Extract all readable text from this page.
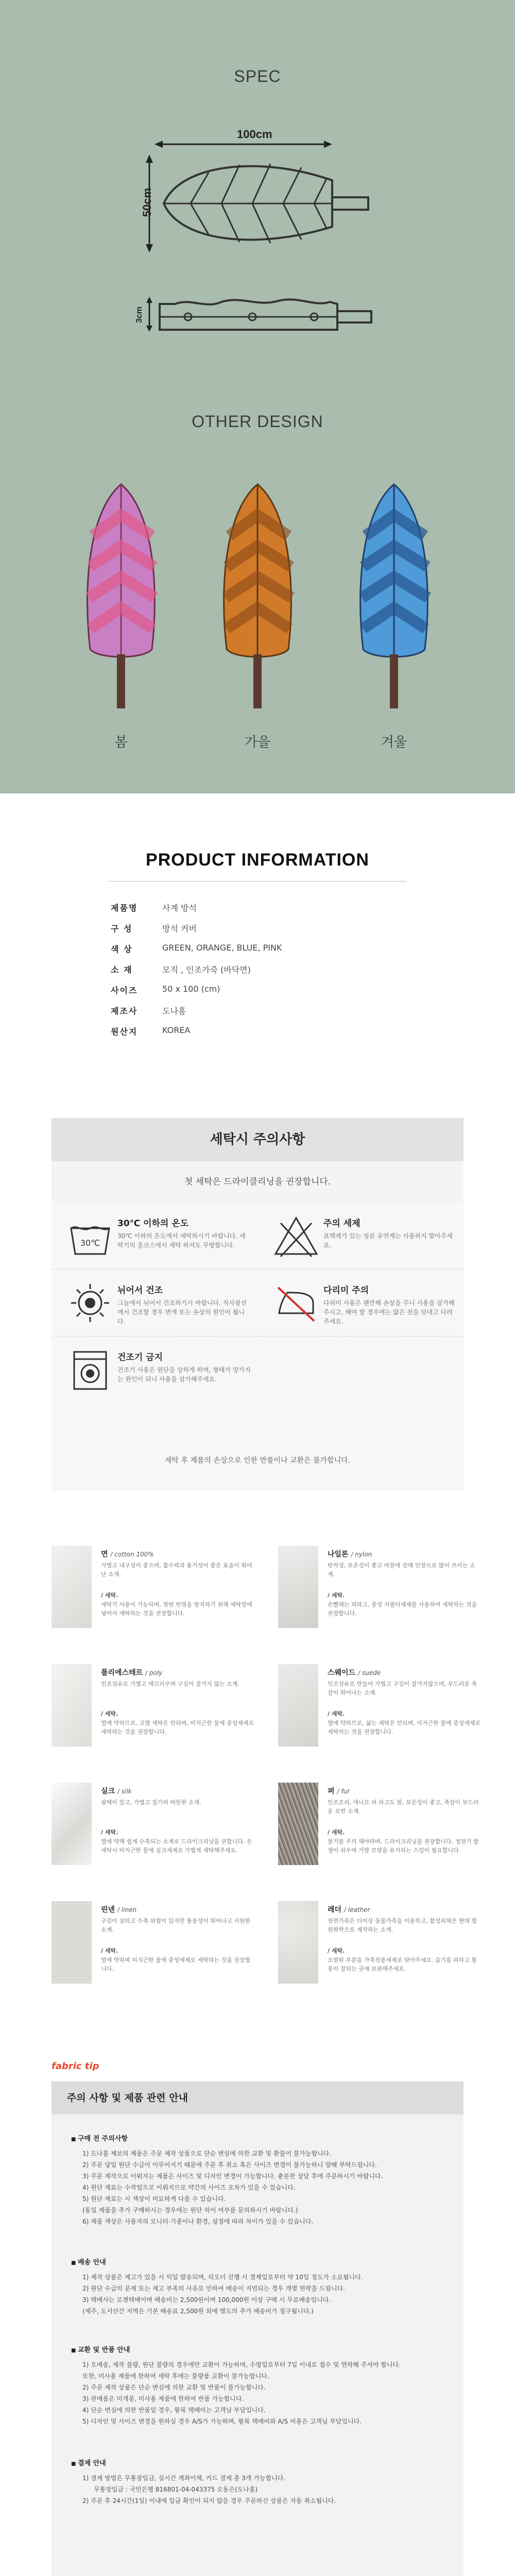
SPEC
100cm
50cm
3cm
OTHER DESIGN
봄	가을	겨울
PRODUCT INFORMATION
제품명	사계 방석
구 성	방석 커버
색 상	GREEN, ORANGE, BLUE, PINK
소 재	모직 , 인조가죽 (바닥면)
사이즈	50 x 100 (cm)
제조사	도나홈
원산지	KOREA
세탁시 주의사항
첫 세탁은 드라이클리닝을 권장합니다.
30℃
30℃ 이하의 온도
30℃ 이하의 온도에서 세탁하시기 바랍니다. 세탁기의 울코스에서 세탁 하셔도 무방합니다.
주의 세제
표백제가 있는 성분 유연제는 사용하지 말아주세요.
뉘어서 건조
그늘에서 뉘어서 건조하기시 바랍니다. 직사광선에서 건조할 경우 변색 또는 손상의 원인이 됩니다.
다리미 주의
다리미 사용은 웬만해 손상을 주니 사용을 삼가해주시고, 해야 할 경우에는 얇은 천을 덧대고 다려주세요.
건조기 금지
건조기 사용은 원단을 상하게 하며, 형태가 망가지는 원인이 되니 사용을 삼가해주세요.
세탁 후 제품의 손상으로 인한 반품이나 교환은 불가합니다.
면 / cotton 100%
가볍고 내구성이 좋으며, 흡수력과 통기성이 좋은 효율이 뛰어난 소재.
/ 세탁.
세탁기 사용이 가능하며, 첫번 빈명을 방지하기 위해 세탁망에 넣어서 세탁하는 것을 권장합니다.
나일론 / nylon
탄력성, 보온성이 좋고 마찰에 강해 인장으로 많이 쓰이는 소재.
/ 세탁.
손빨래는 피하고, 중성 저필터세제를 사용하여 세탁하는 것을 권장합니다.
폴리에스테르 / poly
인조섬유로 가볍고 매끄러우며 구김이 잘가지 않는 소재.
/ 세탁.
열에 약하므로, 고열 세탁은 안되며, 미지근한 물에 중성세제로 세탁하는 것을 권장합니다.
스웨이드 / suede
인조섬유로 만들어 가볍고 구김이 잘가지않으며, 부드러운 촉감이 뛰어나는 소재.
/ 세탁.
열에 약하므로, 삶는 세탁은 안되며, 미지근한 물에 중성세제로 세탁하는 것을 권장합니다.
실크 / silk
광택이 있고, 가볍고 질기며 따뜻한 소재.
/ 세탁.
열에 약해 쉽게 수축되는 소재로 드라이크리닝을 권합니다. 손세탁시 미지근한 물에 실크세제로 가볍게 세탁해주세요.
퍼 / fur
인조모피, 애니모 퍼 라고도 함, 보온성이 좋고, 촉감이 부드러운 보편 소재.
/ 세탁.
물기를 주의 해야하며, 드라이크리닝을 권장합니다. 정전기 발생이 쉬우며 가발 모양을 유지하는 스킬이 필요합니다.
린넨 / linen
구김이 심하고 수축 위험이 있지만 통풍성이 뛰어나고 시원한 소재.
/ 세탁.
열에 약하며 미지근한 물에 중성세제로 세탁하는 것을 권장합니다.
레더 / leather
천연가죽은 더이상 동물가죽을 이용하고, 합성피혁은 현대 합원화학으로 제작하는 소재.
/ 세탁.
오염된 부분을 가죽전용세제로 닦아주세요. 습기를 피하고 통풍이 잘되는 곳에 보관해주세요.
fabric tip
주의 사항 및 제품 관련 안내
■ 구매 전 주의사항
1) 도나홈 제보의 제품은 주문 제작 상품으로 단순 변심에 의한 교환 및 환불이 불가능합니다.
2) 주문 당일 원단 수급이 이루어지기 때문에 주문 후 취소 혹은 사이즈 변경이 불가능하니 양해 부탁드립니다.
3) 주문 제작으로 이뤄지는 제품은 사이즈 및 디자인 변경이 가능합니다. 충분한 상담 후에 주문하시기 바랍니다.
4) 원단 재료는 수작업으로 이뤄지므로 약간의 사이즈 오차가 있을 수 있습니다.
5) 원단 재료는 시 색상이 미묘하게 다를 수 있습니다.
(동일 제품을 추가 구매하시는 경우에는 원단 차이 여부를 문의하시기 바랍니다.)
6) 제품 색상은 사용자의 모니터·기종이나 환경, 설정에 따라 차이가 있을 수 있습니다.
■ 배송 안내
1) 제작 상품은 제고가 있을 시 익일 발송되며, 리오더 진행 시 결제일로부터 약 10일 정도가 소요됩니다.
2) 원단 수급의 문제 또는 제고 부족의 사유로 인하여 배송이 지연되는 경우 개별 연락을 드립니다.
3) 택배사는 로젠택배이며 배송비는 2,500원이며 100,000원 이상 구매 시 무료배송입니다.
(제주, 도서산간 지역은 기본 배송료 2,500원 외에 별도의 추가 배송비가 청구됩니다.)
■ 교환 및 반품 안내
1) 오배송, 제작 불량, 원단 불량의 경우에만 교환이 가능하며, 수령일로부터 7일 이내로 접수 및 연락해 주셔야 합니다.
또한, 미사용 제품에 한하여 세탁 후에는 불량품 교환이 불가능합니다.
2) 주문 제작 상품은 단순 변심에 의한 교환 및 반품이 불가능합니다.
3) 판매품은 미개봉, 미사용 제품에 한하여 반품 가능합니다.
4) 단순 변심에 의한 반품일 경우, 왕복 택배비는 고객님 부담입니다.
5) 디자인 및 사이즈 변경을 원하실 경우 A/S가 가능하며, 왕복 택배비와 A/S 비용은 고객님 부담입니다.
■ 결제 안내
1) 결제 방법은 무통장입금, 실시간 계좌이체, 카드 결제 총 3개 가능합니다.
무통장입금 : 국민은행 816801-04-043375 오동은(도나홈)
2) 주문 후 24시간(1일) 이내에 입금 확인이 되지 않을 경우 주문하신 상품은 자동 취소됩니다.
